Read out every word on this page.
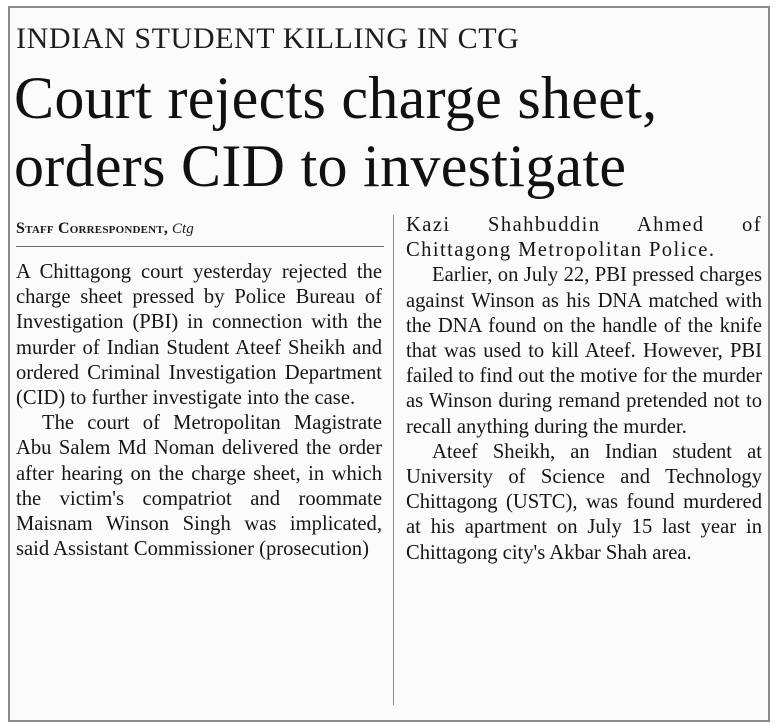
INDIAN STUDENT KILLING IN CTG
Court rejects charge sheet, orders CID to investigate
Staff Correspondent, Ctg

A Chittagong court yesterday rejected the charge sheet pressed by Police Bureau of Investigation (PBI) in connection with the murder of Indian Student Ateef Sheikh and ordered Criminal Investigation Department (CID) to further investigate into the case.

The court of Metropolitan Magistrate Abu Salem Md Noman delivered the order after hearing on the charge sheet, in which the victim's compatriot and roommate Maisnam Winson Singh was implicated, said Assistant Commissioner (prosecution)

Kazi Shahbuddin Ahmed of Chittagong Metropolitan Police.

Earlier, on July 22, PBI pressed charges against Winson as his DNA matched with the DNA found on the handle of the knife that was used to kill Ateef. However, PBI failed to find out the motive for the murder as Winson during remand pretended not to recall anything during the murder.

Ateef Sheikh, an Indian student at University of Science and Technology Chittagong (USTC), was found murdered at his apartment on July 15 last year in Chittagong city's Akbar Shah area.
